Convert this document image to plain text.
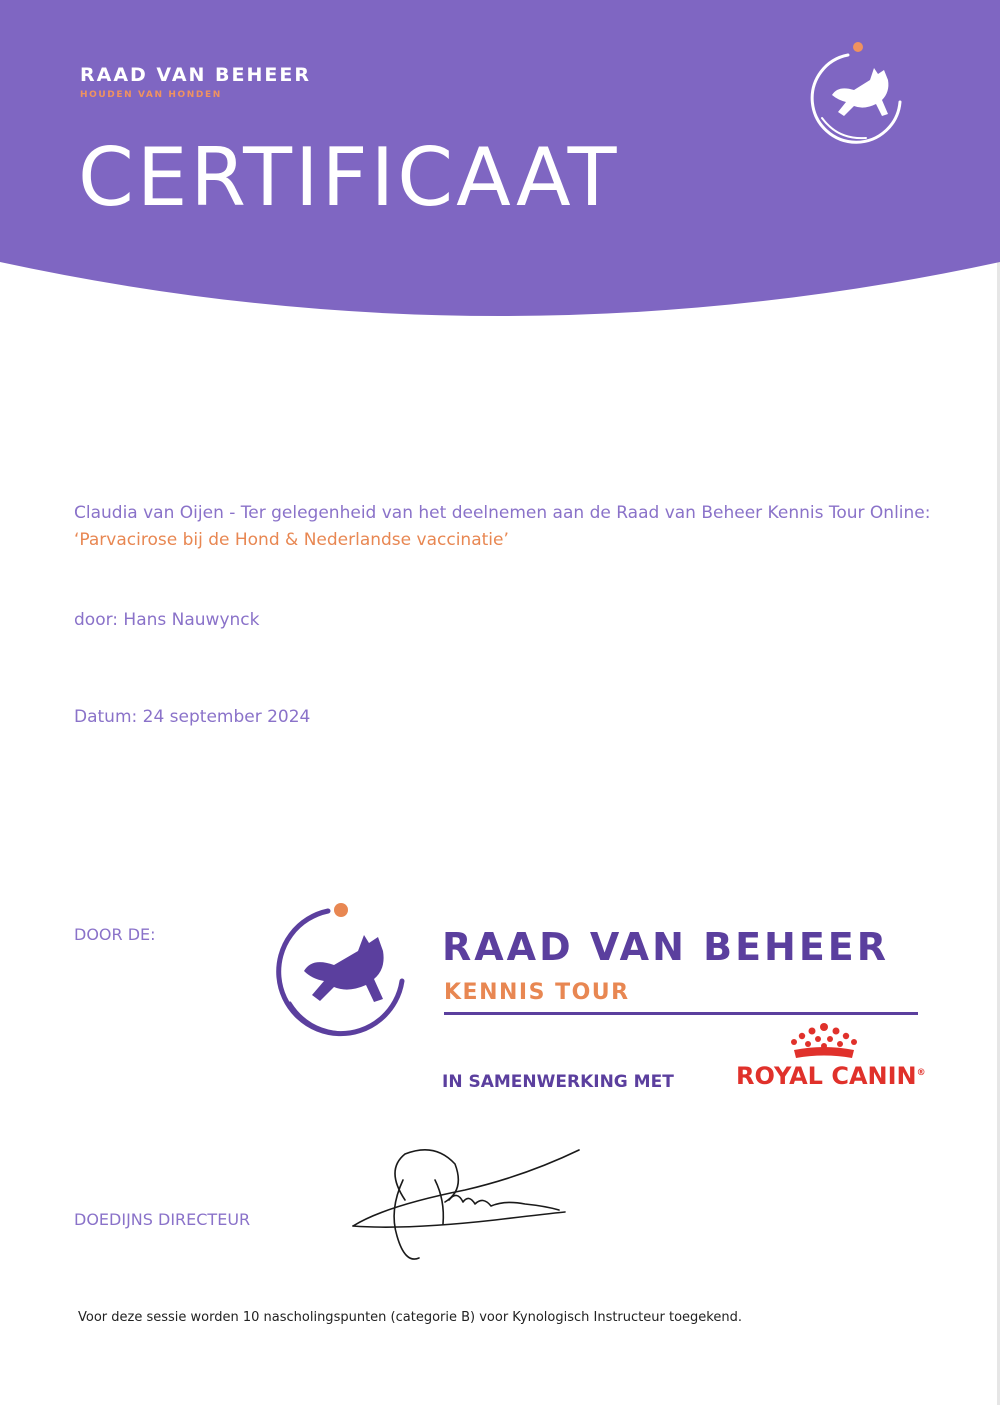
RAAD VAN BEHEER
HOUDEN VAN HONDEN
CERTIFICAAT
Claudia van Oijen - Ter gelegenheid van het deelnemen aan de Raad van Beheer Kennis Tour Online: ‘Parvacirose bij de Hond & Nederlandse vaccinatie’
door: Hans Nauwynck
Datum: 24 september 2024
DOOR DE:	RAAD VAN BEHEER
KENNIS TOUR
IN SAMENWERKING MET	ROYAL CANIN®
DOEDIJNS DIRECTEUR
Voor deze sessie worden 10 nascholingspunten (categorie B) voor Kynologisch Instructeur toegekend.
